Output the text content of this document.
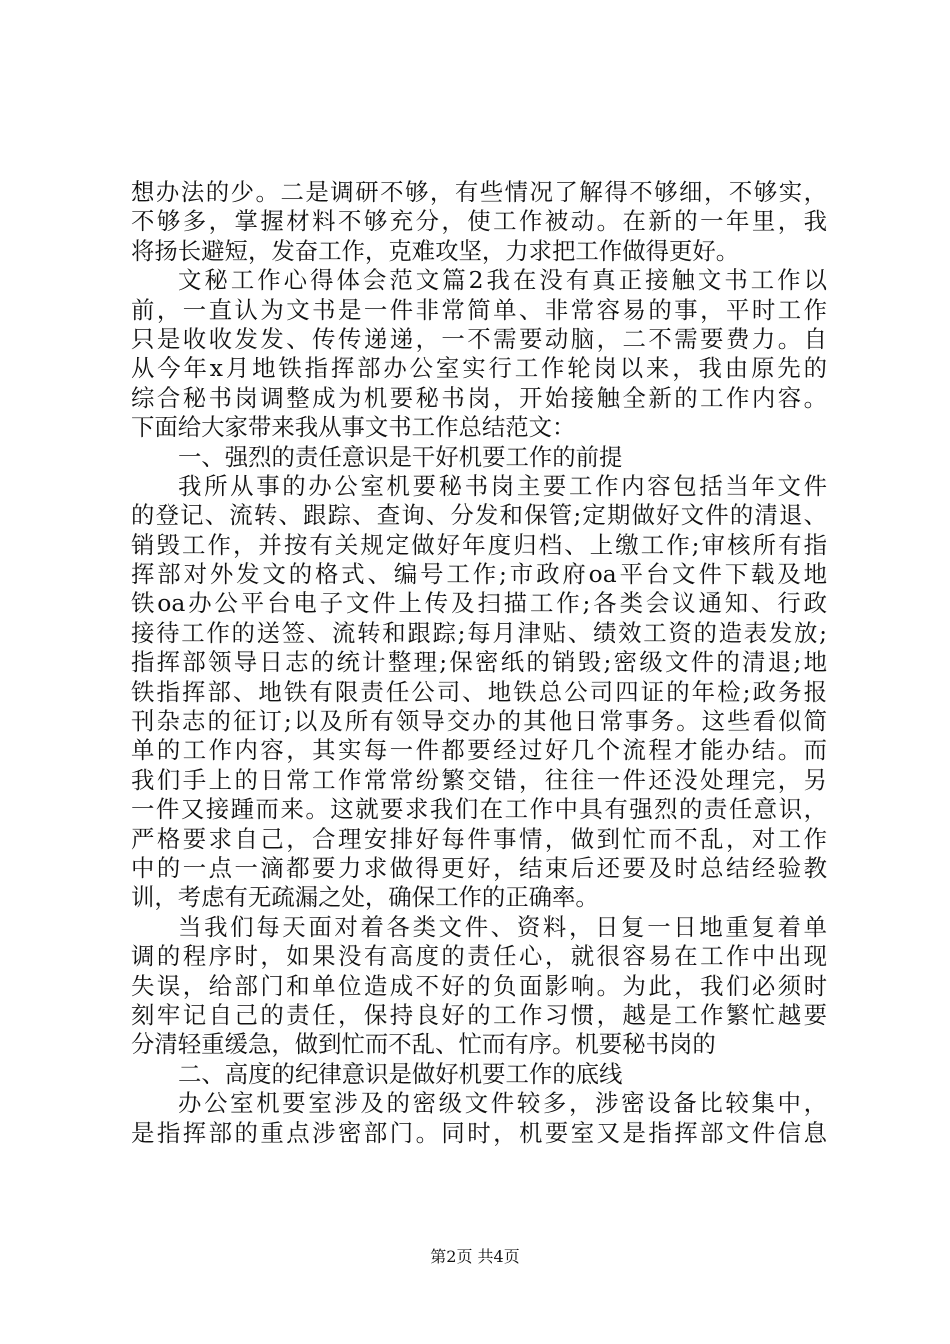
想办法的少。二是调研不够，有些情况了解得不够细，不够实，
不够多，掌握材料不够充分，使工作被动。在新的一年里，我
将扬长避短，发奋工作，克难攻坚，力求把工作做得更好。
文秘工作心得体会范文篇2我在没有真正接触文书工作以
前，一直认为文书是一件非常简单、非常容易的事，平时工作
只是收收发发、传传递递，一不需要动脑，二不需要费力。自
从今年x月地铁指挥部办公室实行工作轮岗以来，我由原先的
综合秘书岗调整成为机要秘书岗，开始接触全新的工作内容。
下面给大家带来我从事文书工作总结范文：
一、强烈的责任意识是干好机要工作的前提
我所从事的办公室机要秘书岗主要工作内容包括当年文件
的登记、流转、跟踪、查询、分发和保管;定期做好文件的清退、
销毁工作，并按有关规定做好年度归档、上缴工作;审核所有指
挥部对外发文的格式、编号工作;市政府oa平台文件下载及地
铁oa办公平台电子文件上传及扫描工作;各类会议通知、行政
接待工作的送签、流转和跟踪;每月津贴、绩效工资的造表发放;
指挥部领导日志的统计整理;保密纸的销毁;密级文件的清退;地
铁指挥部、地铁有限责任公司、地铁总公司四证的年检;政务报
刊杂志的征订;以及所有领导交办的其他日常事务。这些看似简
单的工作内容，其实每一件都要经过好几个流程才能办结。而
我们手上的日常工作常常纷繁交错，往往一件还没处理完，另
一件又接踵而来。这就要求我们在工作中具有强烈的责任意识，
严格要求自己，合理安排好每件事情，做到忙而不乱，对工作
中的一点一滴都要力求做得更好，结束后还要及时总结经验教
训，考虑有无疏漏之处，确保工作的正确率。
当我们每天面对着各类文件、资料，日复一日地重复着单
调的程序时，如果没有高度的责任心，就很容易在工作中出现
失误，给部门和单位造成不好的负面影响。为此，我们必须时
刻牢记自己的责任，保持良好的工作习惯，越是工作繁忙越要
分清轻重缓急，做到忙而不乱、忙而有序。机要秘书岗的
二、高度的纪律意识是做好机要工作的底线
办公室机要室涉及的密级文件较多，涉密设备比较集中，
是指挥部的重点涉密部门。同时，机要室又是指挥部文件信息
第2页 共4页
